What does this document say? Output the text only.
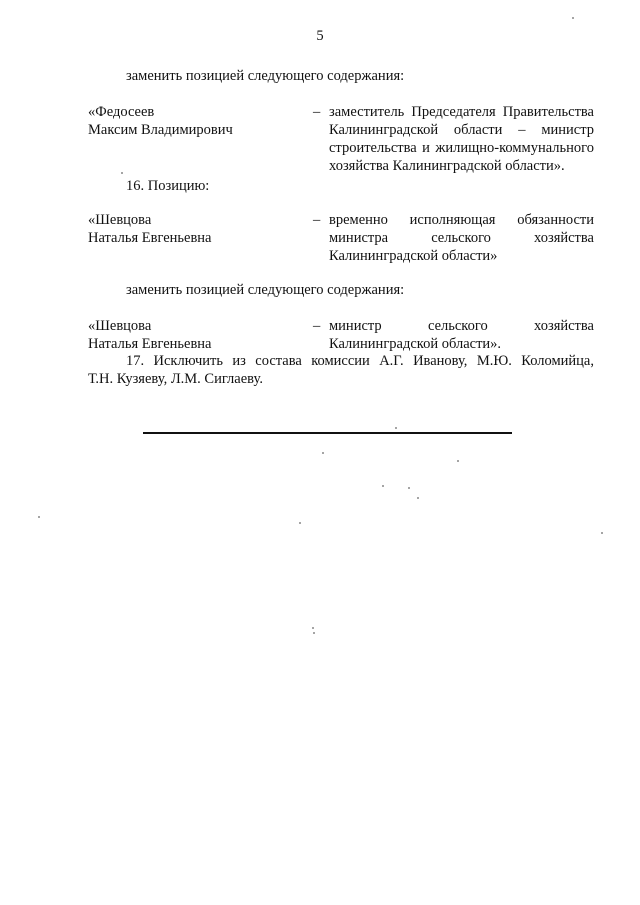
5
заменить позицией следующего содержания:
«Федосеев
Максим Владимирович
– заместитель Председателя Правительства
Калининградской области – министр
строительства и жилищно-коммунального
хозяйства Калининградской области».
16. Позицию:
«Шевцова
Наталья Евгеньевна
– временно исполняющая обязанности
министра	сельского	хозяйства
Калининградской области»
заменить позицией следующего содержания:
«Шевцова
Наталья Евгеньевна
– министр	сельского	хозяйства
Калининградской области».
17. Исключить из состава комиссии А.Г. Иванову, М.Ю. Коломийца,
Т.Н. Кузяеву, Л.М. Сиглаеву.
